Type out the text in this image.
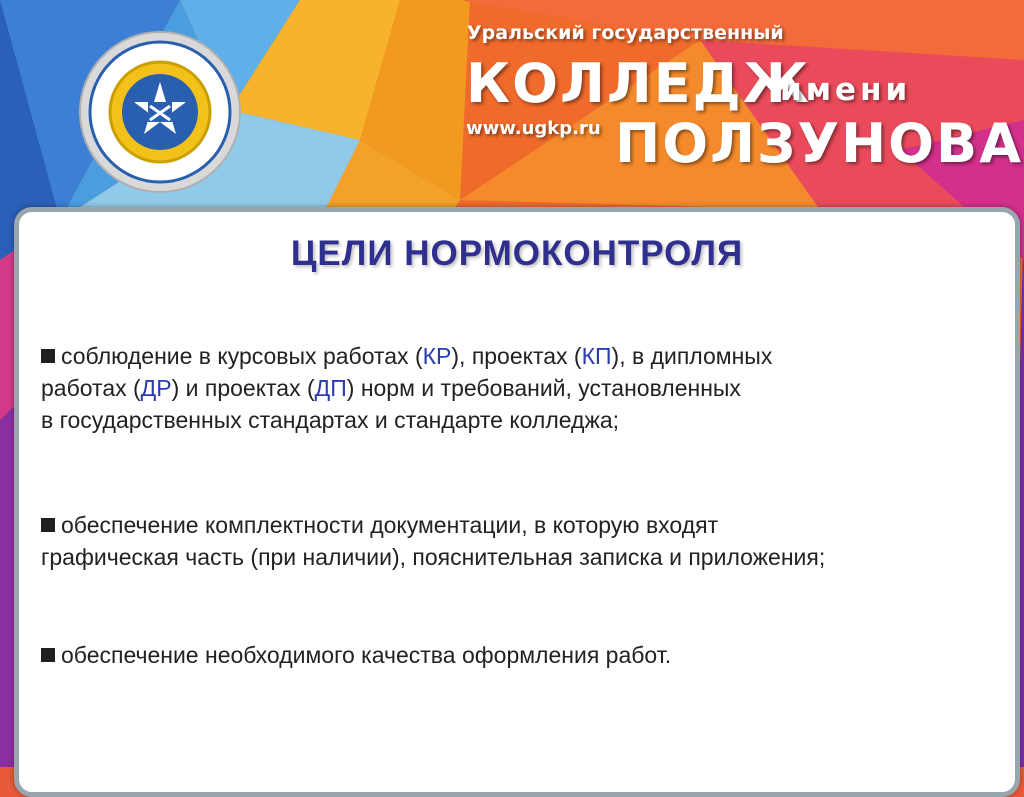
Уральский государственный
КОЛЛЕДЖ
имени
www.ugkp.ru ПОЛЗУНОВА
ЦЕЛИ НОРМОКОНТРОЛЯ
соблюдение в курсовых работах (КР), проектах (КП), в дипломных
работах (ДР) и проектах (ДП) норм и требований, установленных
в государственных стандартах и стандарте колледжа;
обеспечение комплектности документации, в которую входят
графическая часть (при наличии), пояснительная записка и приложения;
обеспечение необходимого качества оформления работ.
